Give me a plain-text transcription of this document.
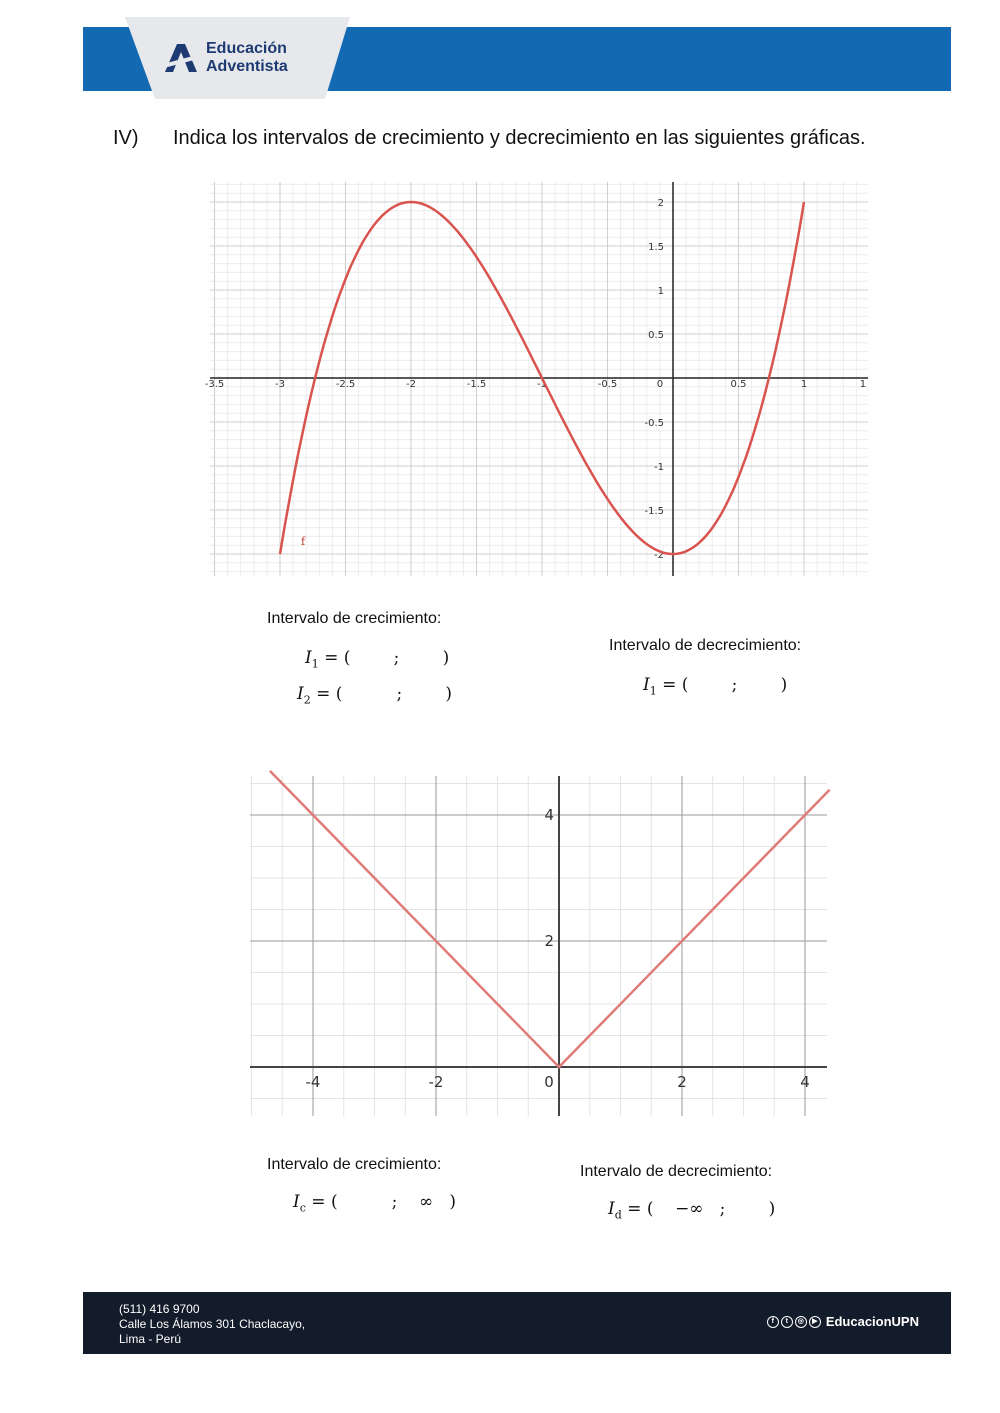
Educación
Adventista
IV) Indica los intervalos de crecimiento y decrecimiento en las siguientes gráficas.
-3.5	-3	-2.5	-2	-1.5	-1	-0.5	0	0.5	1	1
2
1.5
1
0.5
-0.5
-1
-1.5
-2
f
Intervalo de crecimiento:
$I_1$ = (        ;        )
$I_2$ = (          ;        )
Intervalo de decrecimiento:
$I_1$ = (        ;        )
-4	-2	0	2	4
4
2
Intervalo de crecimiento:
$I_c$ = (          ;    ∞   )
Intervalo de decrecimiento:
$I_d$ = (    −∞   ;        )
(511) 416 9700
Calle Los Álamos 301 Chaclacayo,
Lima - Perú
f	t	◎	▶ EducacionUPN
